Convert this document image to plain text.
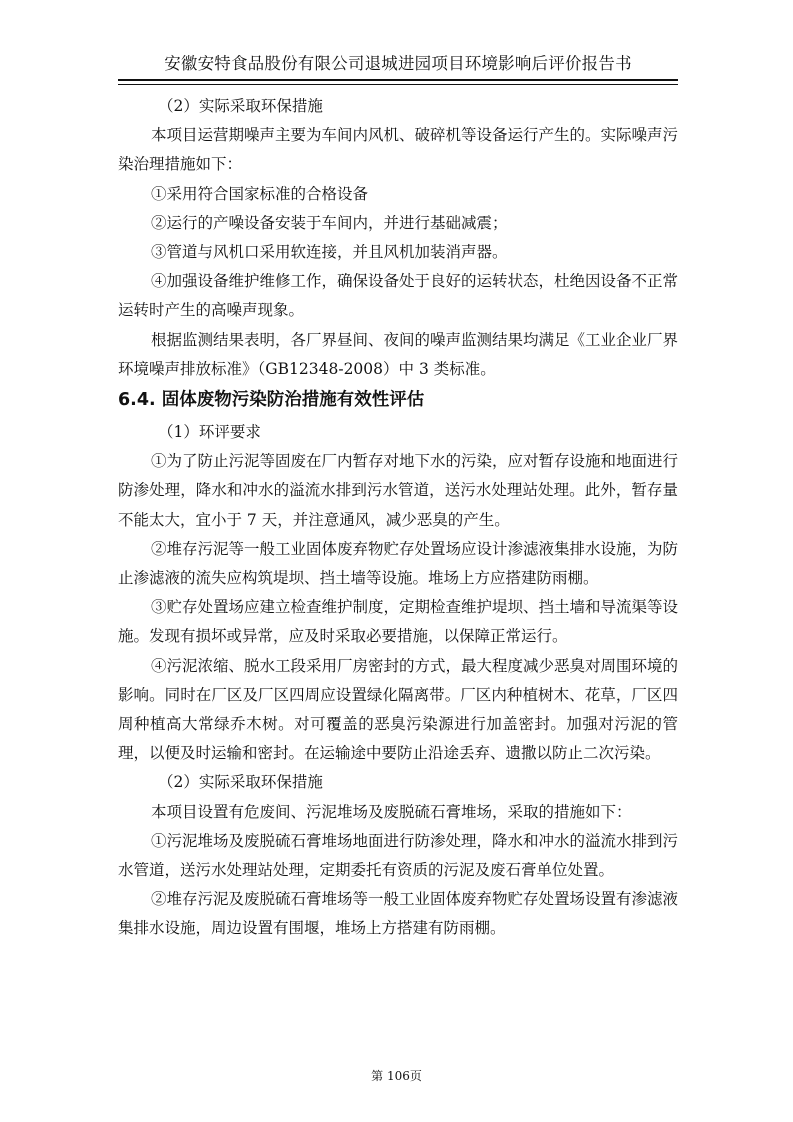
安徽安特食品股份有限公司退城进园项目环境影响后评价报告书

（2）实际采取环保措施

本项目运营期噪声主要为车间内风机、破碎机等设备运行产生的。实际噪声污染治理措施如下：

①采用符合国家标准的合格设备

②运行的产噪设备安装于车间内，并进行基础减震；

③管道与风机口采用软连接，并且风机加装消声器。

④加强设备维护维修工作，确保设备处于良好的运转状态，杜绝因设备不正常运转时产生的高噪声现象。

根据监测结果表明，各厂界昼间、夜间的噪声监测结果均满足《工业企业厂界环境噪声排放标准》（GB12348-2008）中 3 类标准。

6.4. 固体废物污染防治措施有效性评估

（1）环评要求

①为了防止污泥等固废在厂内暂存对地下水的污染，应对暂存设施和地面进行防渗处理，降水和冲水的溢流水排到污水管道，送污水处理站处理。此外，暂存量不能太大，宜小于 7 天，并注意通风，减少恶臭的产生。

②堆存污泥等一般工业固体废弃物贮存处置场应设计渗滤液集排水设施，为防止渗滤液的流失应构筑堤坝、挡土墙等设施。堆场上方应搭建防雨棚。

③贮存处置场应建立检查维护制度，定期检查维护堤坝、挡土墙和导流渠等设施。发现有损坏或异常，应及时采取必要措施，以保障正常运行。

④污泥浓缩、脱水工段采用厂房密封的方式，最大程度减少恶臭对周围环境的影响。同时在厂区及厂区四周应设置绿化隔离带。厂区内种植树木、花草，厂区四周种植高大常绿乔木树。对可覆盖的恶臭污染源进行加盖密封。加强对污泥的管理，以便及时运输和密封。在运输途中要防止沿途丢弃、遗撒以防止二次污染。

（2）实际采取环保措施

本项目设置有危废间、污泥堆场及废脱硫石膏堆场，采取的措施如下：

①污泥堆场及废脱硫石膏堆场地面进行防渗处理，降水和冲水的溢流水排到污水管道，送污水处理站处理，定期委托有资质的污泥及废石膏单位处置。

②堆存污泥及废脱硫石膏堆场等一般工业固体废弃物贮存处置场设置有渗滤液集排水设施，周边设置有围堰，堆场上方搭建有防雨棚。

第 106页
